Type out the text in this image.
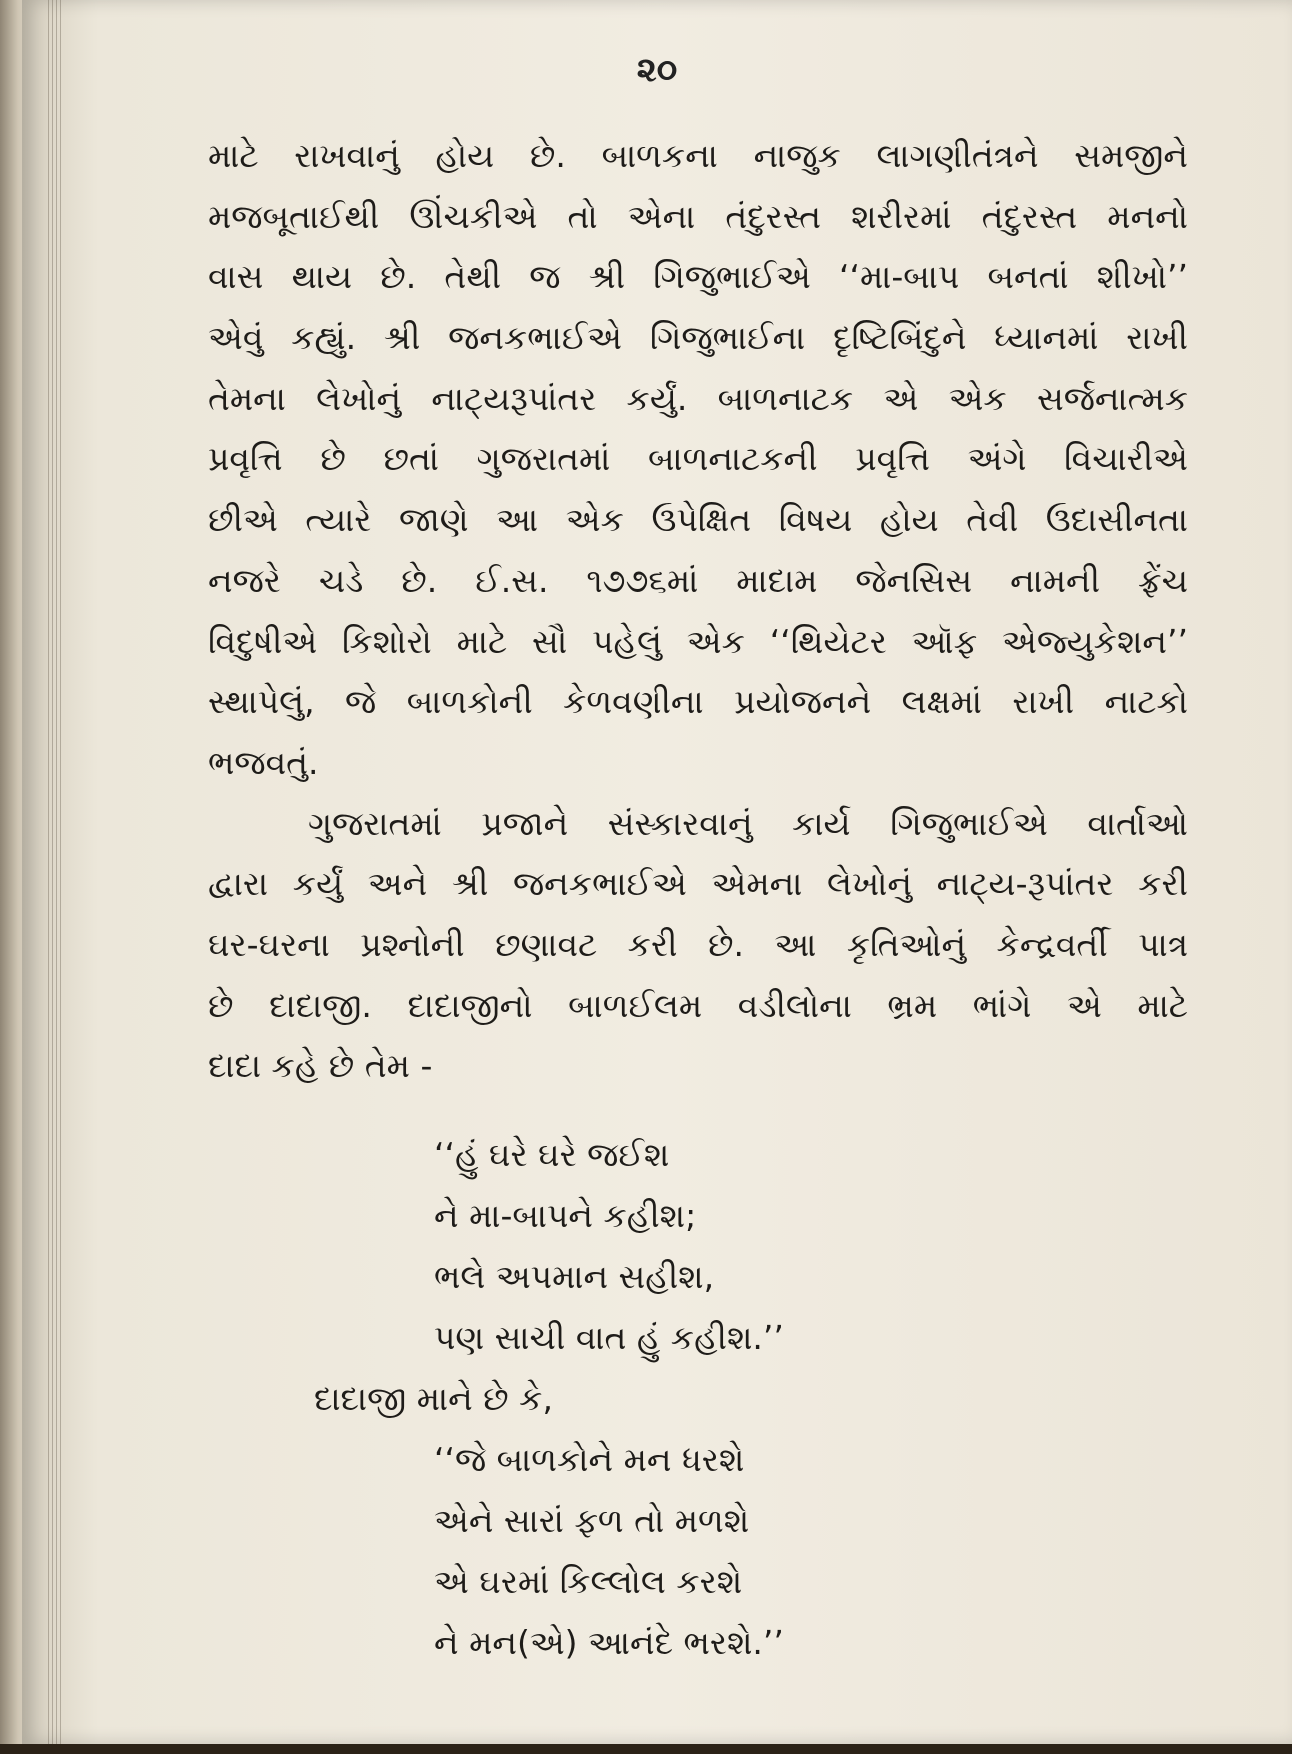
૨૦
માટે રાખવાનું હોય છે. બાળકના નાજુક લાગણીતંત્રને સમજીને
મજબૂતાઈથી ઊંચકીએ તો એના તંદુરસ્ત શરીરમાં તંદુરસ્ત મનનો
વાસ થાય છે. તેથી જ શ્રી ગિજુભાઈએ ‘‘મા-બાપ બનતાં શીખો’’
એવું કહ્યું. શ્રી જનકભાઈએ ગિજુભાઈના દૃષ્ટિબિંદુને ધ્યાનમાં રાખી
તેમના લેખોનું નાટ્યરૂપાંતર કર્યું. બાળનાટક એ એક સર્જનાત્મક
પ્રવૃત્તિ છે છતાં ગુજરાતમાં બાળનાટકની પ્રવૃત્તિ અંગે વિચારીએ
છીએ ત્યારે જાણે આ એક ઉપેક્ષિત વિષય હોય તેવી ઉદાસીનતા
નજરે ચડે છે. ઈ.સ. ૧૭૭૬માં માદામ જેનસિસ નામની ફ્રેંચ
વિદુષીએ કિશોરો માટે સૌ પહેલું એક ‘‘થિયેટર ઑફ એજ્યુકેશન’’
સ્થાપેલું, જે બાળકોની કેળવણીના પ્રયોજનને લક્ષમાં રાખી નાટકો
ભજવતું.
ગુજરાતમાં પ્રજાને સંસ્કારવાનું કાર્ય ગિજુભાઈએ વાર્તાઓ
દ્વારા કર્યું અને શ્રી જનકભાઈએ એમના લેખોનું નાટ્ય-રૂપાંતર કરી
ઘર-ઘરના પ્રશ્નોની છણાવટ કરી છે. આ કૃતિઓનું કેન્દ્રવર્તી પાત્ર
છે દાદાજી. દાદાજીનો બાળઈલમ વડીલોના ભ્રમ ભાંગે એ માટે
દાદા કહે છે તેમ -
‘‘હું ઘરે ઘરે જઈશ
ને મા-બાપને કહીશ;
ભલે અપમાન સહીશ,
પણ સાચી વાત હું કહીશ.’’
દાદાજી માને છે કે,
‘‘જે બાળકોને મન ધરશે
એને સારાં ફળ તો મળશે
એ ઘરમાં કિલ્લોલ કરશે
ને મન(એ) આનંદે ભરશે.’’
